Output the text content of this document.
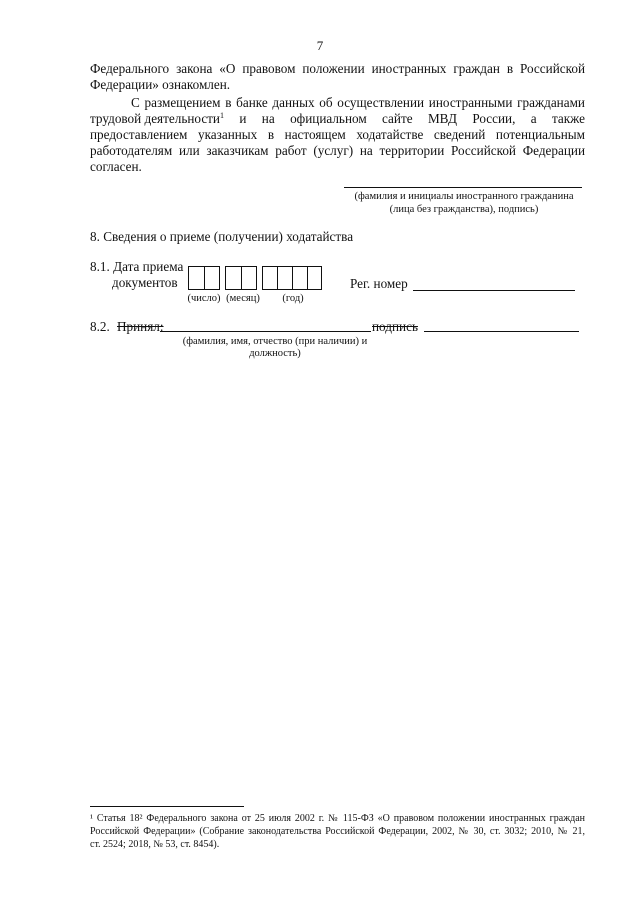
7
Федерального закона «О правовом положении иностранных граждан в Российской
Федерации» ознакомлен.
С размещением в банке данных об осуществлении иностранными гражданами
трудовой деятельности$^1$ и на официальном сайте МВД России, а также
предоставлением указанных в настоящем ходатайстве сведений потенциальным
работодателям или заказчикам работ (услуг) на территории Российской Федерации
согласен.
(фамилия и инициалы иностранного гражданина
(лица без гражданства), подпись)
8. Сведения о приеме (получении) ходатайства
8.1. Дата приема
документов
(число) (месяц)	(год)
Рег. номер
8.2. Принял:	подпись
(фамилия, имя, отчество (при наличии) и
должность)
¹ Статья 18² Федерального закона от 25 июля 2002 г. № 115-ФЗ «О правовом положении иностранных граждан
Российской Федерации» (Собрание законодательства Российской Федерации, 2002, № 30, ст. 3032; 2010, № 21,
ст. 2524; 2018, № 53, ст. 8454).
